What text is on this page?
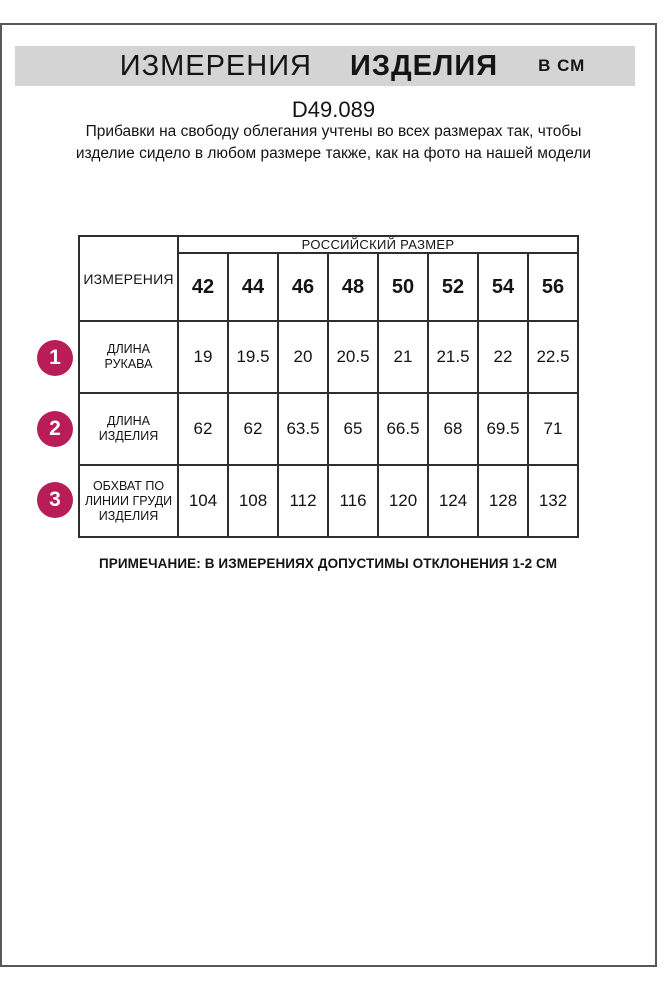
ИЗМЕРЕНИЯ ИЗДЕЛИЯ В СМ
D49.089
Прибавки на свободу облегания учтены во всех размерах так, чтобы изделие сидело в любом размере также, как на фото на нашей модели
ИЗМЕРЕНИЯ	РОССИЙСКИЙ РАЗМЕР							
	42	44	46	48	50	52	54	56
ДЛИНА РУКАВА	19	19.5	20	20.5	21	21.5	22	22.5
ДЛИНА ИЗДЕЛИЯ	62	62	63.5	65	66.5	68	69.5	71
ОБХВАТ ПО ЛИНИИ ГРУДИ ИЗДЕЛИЯ	104	108	112	116	120	124	128	132
1
2
3
ПРИМЕЧАНИЕ: В ИЗМЕРЕНИЯХ ДОПУСТИМЫ ОТКЛОНЕНИЯ 1-2 СМ
